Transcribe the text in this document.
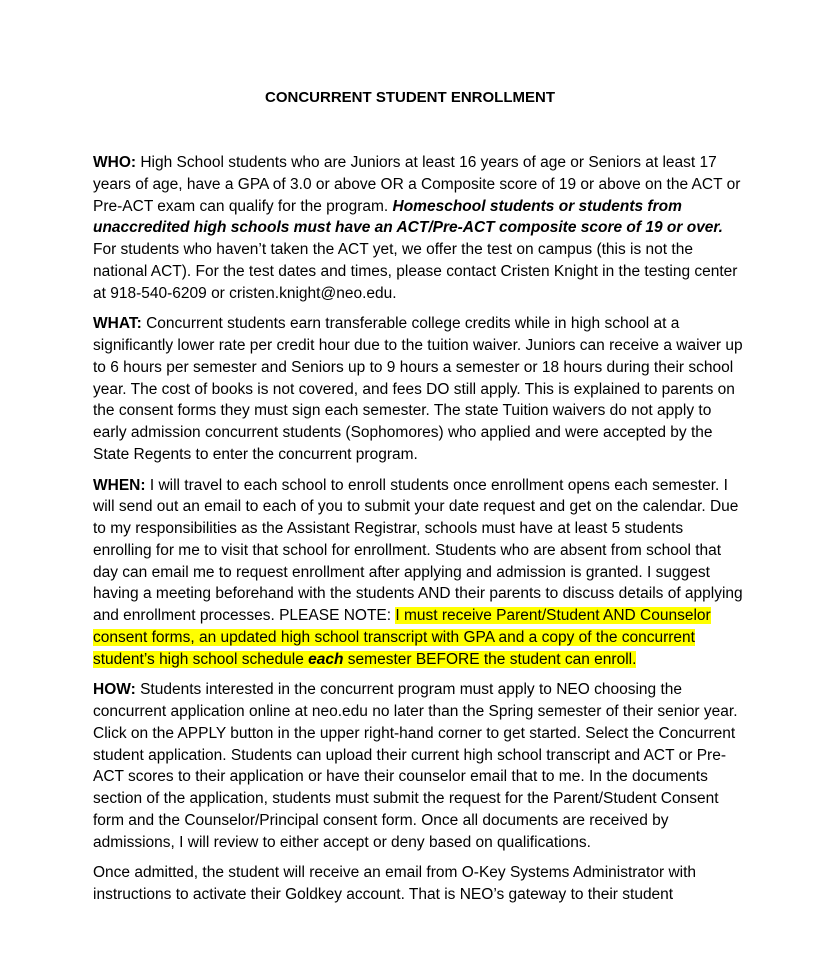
CONCURRENT STUDENT ENROLLMENT

WHO: High School students who are Juniors at least 16 years of age or Seniors at least 17 years of age, have a GPA of 3.0 or above OR a Composite score of 19 or above on the ACT or Pre-ACT exam can qualify for the program. Homeschool students or students from unaccredited high schools must have an ACT/Pre-ACT composite score of 19 or over. For students who haven’t taken the ACT yet, we offer the test on campus (this is not the national ACT). For the test dates and times, please contact Cristen Knight in the testing center at 918-540-6209 or cristen.knight@neo.edu.

WHAT: Concurrent students earn transferable college credits while in high school at a significantly lower rate per credit hour due to the tuition waiver. Juniors can receive a waiver up to 6 hours per semester and Seniors up to 9 hours a semester or 18 hours during their school year. The cost of books is not covered, and fees DO still apply. This is explained to parents on the consent forms they must sign each semester. The state Tuition waivers do not apply to early admission concurrent students (Sophomores) who applied and were accepted by the State Regents to enter the concurrent program.

WHEN: I will travel to each school to enroll students once enrollment opens each semester. I will send out an email to each of you to submit your date request and get on the calendar. Due to my responsibilities as the Assistant Registrar, schools must have at least 5 students enrolling for me to visit that school for enrollment. Students who are absent from school that day can email me to request enrollment after applying and admission is granted. I suggest having a meeting beforehand with the students AND their parents to discuss details of applying and enrollment processes. PLEASE NOTE: I must receive Parent/Student AND Counselor consent forms, an updated high school transcript with GPA and a copy of the concurrent student’s high school schedule each semester BEFORE the student can enroll.

HOW: Students interested in the concurrent program must apply to NEO choosing the concurrent application online at neo.edu no later than the Spring semester of their senior year. Click on the APPLY button in the upper right-hand corner to get started. Select the Concurrent student application. Students can upload their current high school transcript and ACT or Pre-ACT scores to their application or have their counselor email that to me. In the documents section of the application, students must submit the request for the Parent/Student Consent form and the Counselor/Principal consent form. Once all documents are received by admissions, I will review to either accept or deny based on qualifications.

Once admitted, the student will receive an email from O-Key Systems Administrator with instructions to activate their Goldkey account. That is NEO’s gateway to their student
